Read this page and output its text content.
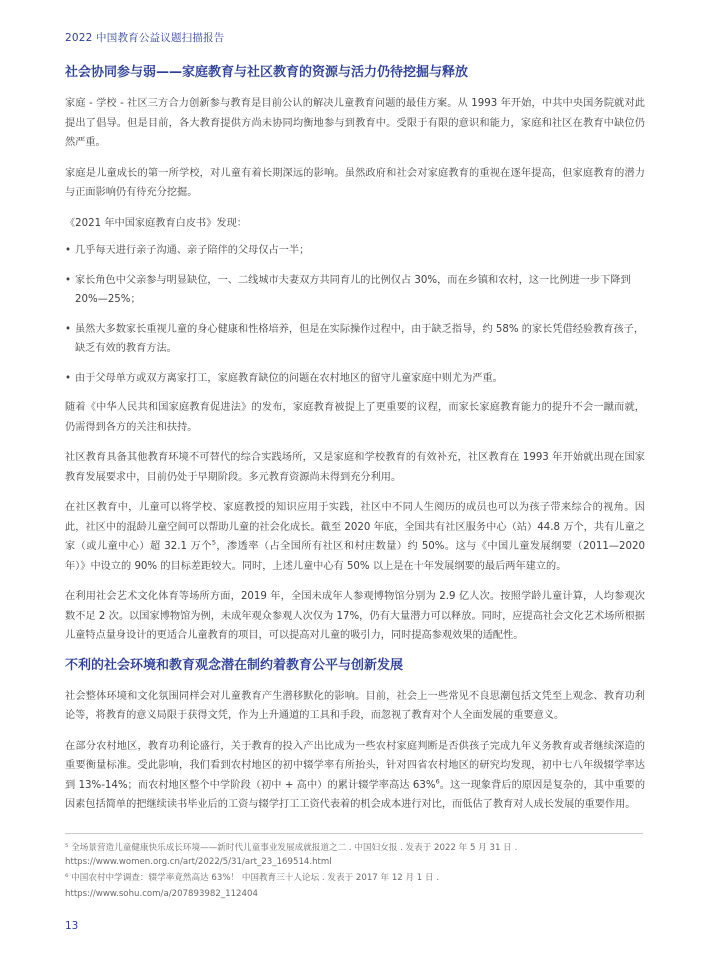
2022 中国教育公益议题扫描报告
社会协同参与弱——家庭教育与社区教育的资源与活力仍待挖掘与释放

家庭 - 学校 - 社区三方合力创新参与教育是目前公认的解决儿童教育问题的最佳方案。从 1993 年开始，中共中央国务院就对此提出了倡导。但是目前，各大教育提供方尚未协同均衡地参与到教育中。受限于有限的意识和能力，家庭和社区在教育中缺位仍然严重。

家庭是儿童成长的第一所学校，对儿童有着长期深远的影响。虽然政府和社会对家庭教育的重视在逐年提高，但家庭教育的潜力与正面影响仍有待充分挖掘。

《2021 年中国家庭教育白皮书》发现：

• 几乎每天进行亲子沟通、亲子陪伴的父母仅占一半；
• 家长角色中父亲参与明显缺位，一、二线城市夫妻双方共同育儿的比例仅占 30%，而在乡镇和农村，这一比例进一步下降到 20%—25%；
• 虽然大多数家长重视儿童的身心健康和性格培养，但是在实际操作过程中，由于缺乏指导，约 58% 的家长凭借经验教育孩子，缺乏有效的教育方法。
• 由于父母单方或双方离家打工，家庭教育缺位的问题在农村地区的留守儿童家庭中则尤为严重。

随着《中华人民共和国家庭教育促进法》的发布，家庭教育被提上了更重要的议程，而家长家庭教育能力的提升不会一蹴而就，仍需得到各方的关注和扶持。

社区教育具备其他教育环境不可替代的综合实践场所，又是家庭和学校教育的有效补充，社区教育在 1993 年开始就出现在国家教育发展要求中，目前仍处于早期阶段。多元教育资源尚未得到充分利用。

在社区教育中，儿童可以将学校、家庭教授的知识应用于实践，社区中不同人生阅历的成员也可以为孩子带来综合的视角。因此，社区中的混龄儿童空间可以帮助儿童的社会化成长。截至 2020 年底，全国共有社区服务中心（站）44.8 万个，共有儿童之家（或儿童中心）超 32.1 万个$^5$，渗透率（占全国所有社区和村庄数量）约 50%。这与《中国儿童发展纲要（2011—2020 年）》中设立的 90% 的目标差距较大。同时，上述儿童中心有 50% 以上是在十年发展纲要的最后两年建立的。

在利用社会艺术文化体育等场所方面，2019 年，全国未成年人参观博物馆分别为 2.9 亿人次。按照学龄儿童计算，人均参观次数不足 2 次。以国家博物馆为例，未成年观众参观人次仅为 17%，仍有大量潜力可以释放。同时，应提高社会文化艺术场所根据儿童特点量身设计的更适合儿童教育的项目，可以提高对儿童的吸引力，同时提高参观效果的适配性。

不利的社会环境和教育观念潜在制约着教育公平与创新发展

社会整体环境和文化氛围同样会对儿童教育产生潜移默化的影响。目前，社会上一些常见不良思潮包括文凭至上观念、教育功利论等，将教育的意义局限于获得文凭，作为上升通道的工具和手段，而忽视了教育对个人全面发展的重要意义。

在部分农村地区，教育功利论盛行，关于教育的投入产出比成为一些农村家庭判断是否供孩子完成九年义务教育或者继续深造的重要衡量标准。受此影响，我们看到农村地区的初中辍学率有所抬头，针对四省农村地区的研究均发现，初中七八年级辍学率达到 13%-14%；而农村地区整个中学阶段（初中 + 高中）的累计辍学率高达 63%$^6$。这一现象背后的原因是复杂的，其中重要的因素包括简单的把继续读书毕业后的工资与辍学打工工资代表着的机会成本进行对比，而低估了教育对人成长发展的重要作用。

⁵ 全场景营造儿童健康快乐成长环境——新时代儿童事业发展成就报道之二 . 中国妇女报 . 发表于 2022 年 5 月 31 日 . https://www.women.org.cn/art/2022/5/31/art_23_169514.html

⁶ 中国农村中学调查：辍学率竟然高达 63%！ 中国教育三十人论坛 . 发表于 2017 年 12 月 1 日 .

https://www.sohu.com/a/207893982_112404

13
